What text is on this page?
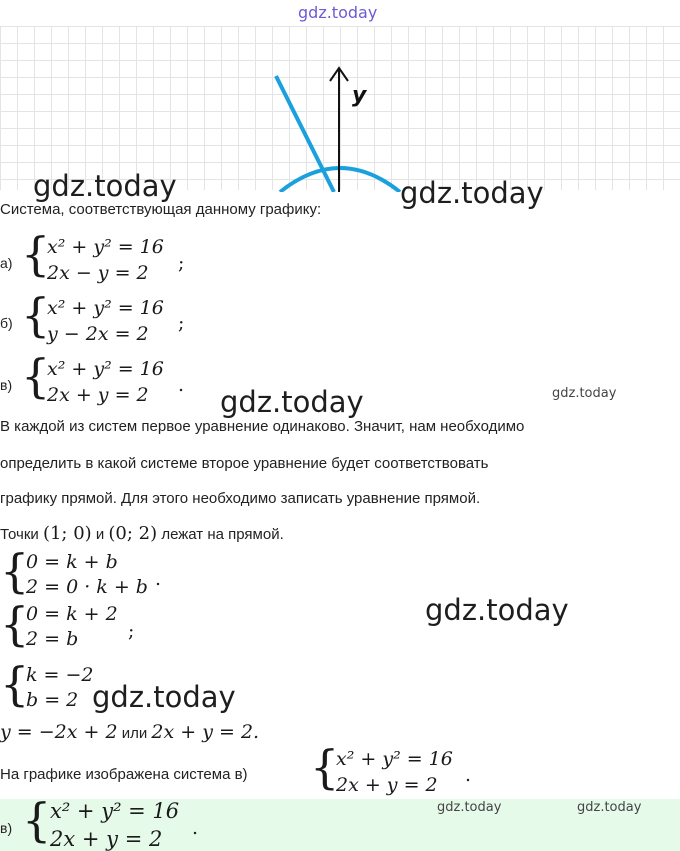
gdz.today
y
gdz.today	gdz.today
Система, соответствующая данному графику:
а) {
x² + y² = 16
2x − y = 2 ;
б) {
x² + y² = 16
y − 2x = 2 ;
в) {
x² + y² = 16
2x + y = 2 . gdz.today	gdz.today
В каждой из систем первое уравнение одинаково. Значит, нам необходимо
определить в какой системе второе уравнение будет соответствовать
графику прямой. Для этого необходимо записать уравнение прямой.
Точки (1; 0) и (0; 2) лежат на прямой.
{
0 = k + b
2 = 0 · k + b .
{
0 = k + 2
2 = b	;
gdz.today
{
k = −2
b = 2 gdz.today
y = −2x + 2 или 2x + y = 2.
На графике изображена система в) {
x² + y² = 16
2x + y = 2 .
в) {
x² + y² = 16
2x + y = 2 .
gdz.today	gdz.today
